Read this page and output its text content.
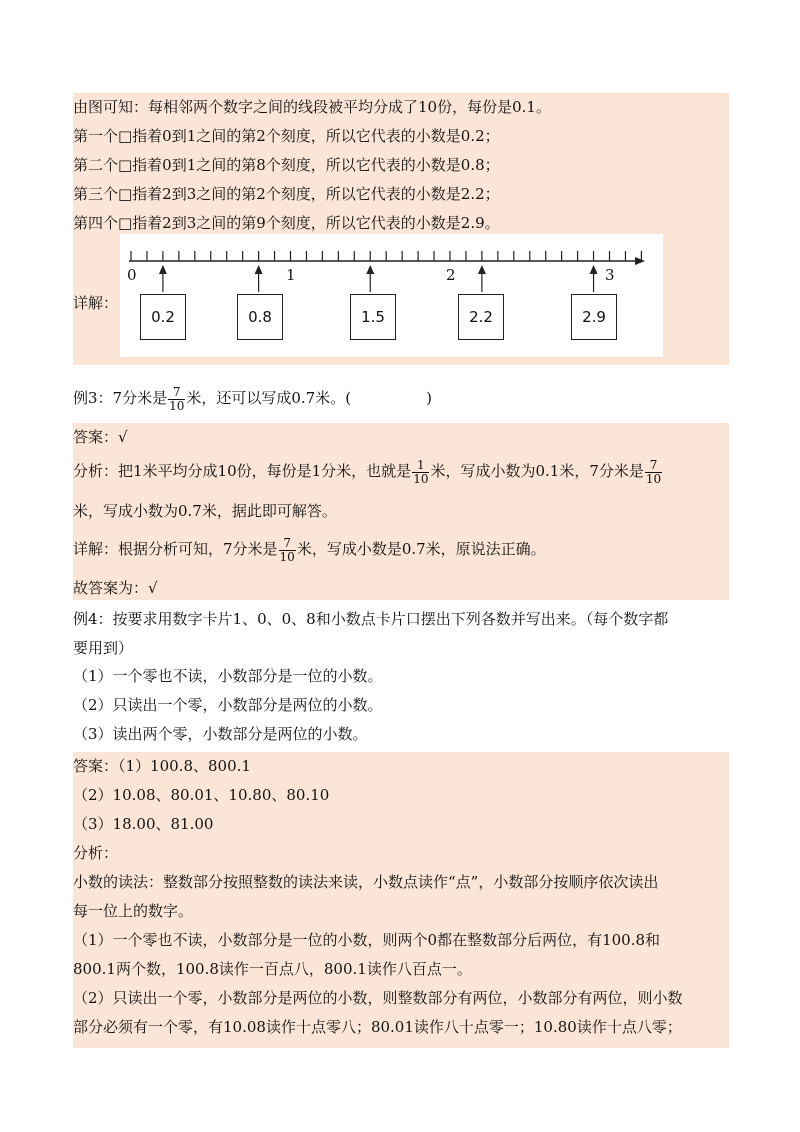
由图可知：每相邻两个数字之间的线段被平均分成了10份，每份是0.1。
第一个□指着0到1之间的第2个刻度，所以它代表的小数是0.2；
第二个□指着0到1之间的第8个刻度，所以它代表的小数是0.8；
第三个□指着2到3之间的第2个刻度，所以它代表的小数是2.2；
第四个□指着2到3之间的第9个刻度，所以它代表的小数是2.9。
详解：
0	1	2	3
0.2	0.8	1.5	2.2	2.9
例3：7分米是 $\frac{7}{10}$ 米，还可以写成0.7米。(　　　　　)
答案：√
分析：把1米平均分成10份，每份是1分米，也就是 $\frac{1}{10}$ 米，写成小数为0.1米，7分米是 $\frac{7}{10}$
米，写成小数为0.7米，据此即可解答。
详解：根据分析可知，7分米是 $\frac{7}{10}$ 米，写成小数是0.7米，原说法正确。
故答案为：√
例4：按要求用数字卡片1、0、0、8和小数点卡片口摆出下列各数并写出来。（每个数字都
要用到）
（1）一个零也不读，小数部分是一位的小数。
（2）只读出一个零，小数部分是两位的小数。
（3）读出两个零，小数部分是两位的小数。
答案：（1）100.8、800.1
（2）10.08、80.01、10.80、80.10
（3）18.00、81.00
分析：
小数的读法：整数部分按照整数的读法来读，小数点读作“点”，小数部分按顺序依次读出
每一位上的数字。
（1）一个零也不读，小数部分是一位的小数，则两个0都在整数部分后两位，有100.8和
800.1两个数，100.8读作一百点八，800.1读作八百点一。
（2）只读出一个零，小数部分是两位的小数，则整数部分有两位，小数部分有两位，则小数
部分必须有一个零，有10.08读作十点零八；80.01读作八十点零一；10.80读作十点八零；
